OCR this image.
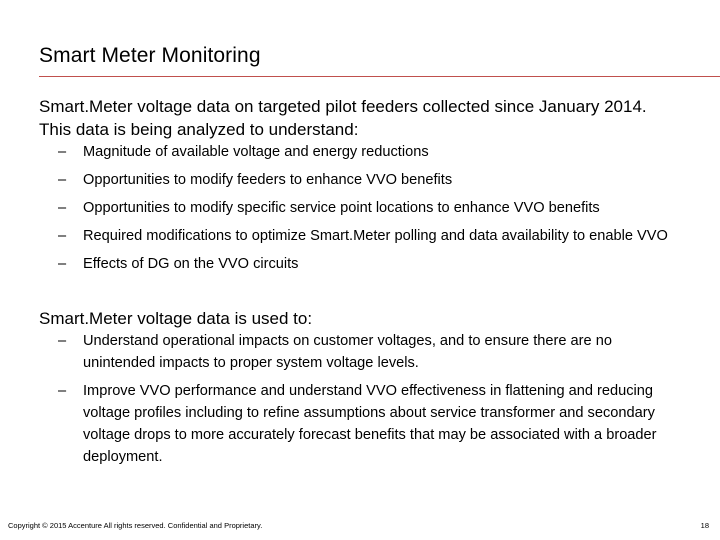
Smart Meter Monitoring

Smart.Meter voltage data on targeted pilot feeders collected since January 2014. This data is being analyzed to understand:

– Magnitude of available voltage and energy reductions
– Opportunities to modify feeders to enhance VVO benefits
– Opportunities to modify specific service point locations to enhance VVO benefits
– Required modifications to optimize Smart.Meter polling and data availability to enable VVO
– Effects of DG on the VVO circuits

Smart.Meter voltage data is used to:

– Understand operational impacts on customer voltages, and to ensure there are no unintended impacts to proper system voltage levels.
– Improve VVO performance and understand VVO effectiveness in flattening and reducing voltage profiles including to refine assumptions about service transformer and secondary voltage drops to more accurately forecast benefits that may be associated with a broader deployment.
Copyright © 2015 Accenture All rights reserved. Confidential and Proprietary.	18
